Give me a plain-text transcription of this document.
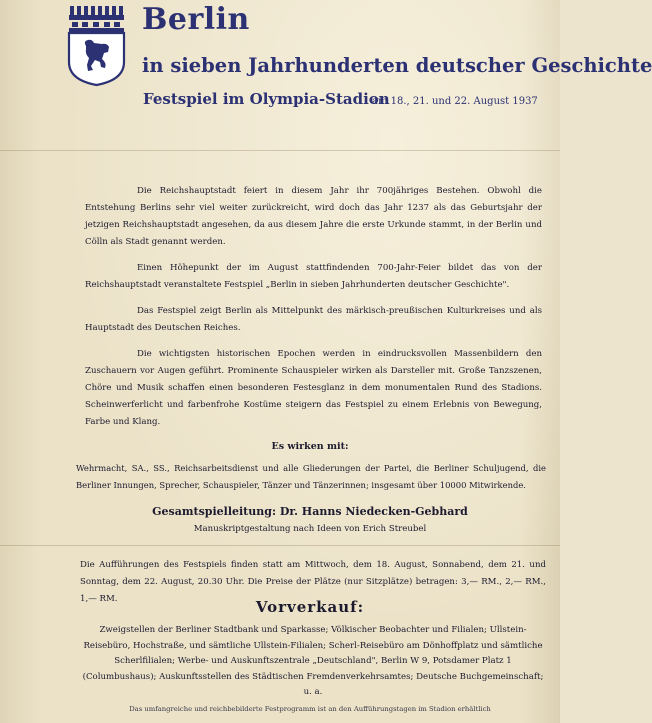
Berlin
in sieben Jahrhunderten deutscher Geschichte
Festspiel im Olympia-Stadion
am 18., 21. und 22. August 1937
Die Reichshauptstadt feiert in diesem Jahr ihr 700jähriges Bestehen. Obwohl die Entstehung Berlins sehr viel weiter zurückreicht, wird doch das Jahr 1237 als das Geburtsjahr der jetzigen Reichshauptstadt angesehen, da aus diesem Jahre die erste Urkunde stammt, in der Berlin und Cölln als Stadt genannt werden.
Einen Höhepunkt der im August stattfindenden 700-Jahr-Feier bildet das von der Reichshauptstadt veranstaltete Festspiel „Berlin in sieben Jahrhunderten deutscher Geschichte".
Das Festspiel zeigt Berlin als Mittelpunkt des märkisch-preußischen Kulturkreises und als Hauptstadt des Deutschen Reiches.
Die wichtigsten historischen Epochen werden in eindrucksvollen Massenbildern den Zuschauern vor Augen geführt. Prominente Schauspieler wirken als Darsteller mit. Große Tanzszenen, Chöre und Musik schaffen einen besonderen Festesglanz in dem monumentalen Rund des Stadions. Scheinwerferlicht und farbenfrohe Kostüme steigern das Festspiel zu einem Erlebnis von Bewegung, Farbe und Klang.
Es wirken mit:
Wehrmacht, SA., SS., Reichsarbeitsdienst und alle Gliederungen der Partei, die Berliner Schuljugend, die Berliner Innungen, Sprecher, Schauspieler, Tänzer und Tänzerinnen; insgesamt über 10000 Mitwirkende.
Gesamtspielleitung: Dr. Hanns Niedecken-Gebhard
Manuskriptgestaltung nach Ideen von Erich Streubel
Die Aufführungen des Festspiels finden statt am Mittwoch, dem 18. August, Sonnabend, dem 21. und Sonntag, dem 22. August, 20.30 Uhr. Die Preise der Plätze (nur Sitzplätze) betragen: 3,— RM., 2,— RM., 1,— RM.	Vorverkauf:
Zweigstellen der Berliner Stadtbank und Sparkasse; Völkischer Beobachter und Filialen; Ullstein-Reisebüro, Hochstraße, und sämtliche Ullstein-Filialen; Scherl-Reisebüro am Dönhoffplatz und sämtliche Scherlfilialen; Werbe- und Auskunftszentrale „Deutschland", Berlin W 9, Potsdamer Platz 1 (Columbushaus); Auskunftsstellen des Städtischen Fremdenverkehrsamtes; Deutsche Buchgemeinschaft; u. a.
Das umfangreiche und reichbebilderte Festprogramm ist an den Aufführungstagen im Stadion erhältlich
